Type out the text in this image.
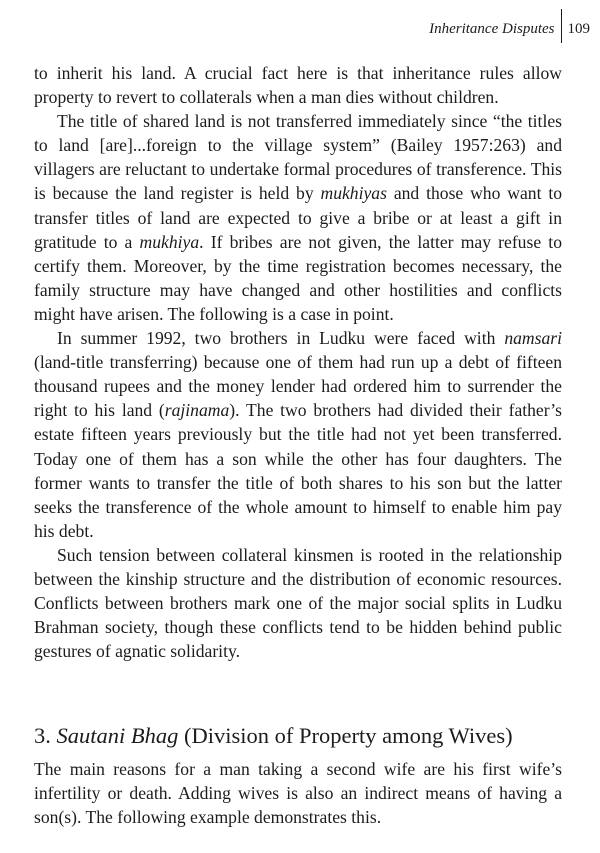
Inheritance Disputes 109

to inherit his land. A crucial fact here is that inheritance rules allow property to revert to collaterals when a man dies without children.

The title of shared land is not transferred immediately since “the titles to land [are]...foreign to the village system” (Bailey 1957:263) and villagers are reluctant to undertake formal procedures of transference. This is because the land register is held by mukhiyas and those who want to transfer titles of land are expected to give a bribe or at least a gift in gratitude to a mukhiya. If bribes are not given, the latter may refuse to certify them. Moreover, by the time registration becomes necessary, the family structure may have changed and other hostilities and conflicts might have arisen. The following is a case in point.

In summer 1992, two brothers in Ludku were faced with namsari (land-title transferring) because one of them had run up a debt of fifteen thousand rupees and the money lender had ordered him to surrender the right to his land (rajinama). The two brothers had divided their father’s estate fifteen years previously but the title had not yet been transferred. Today one of them has a son while the other has four daughters. The former wants to transfer the title of both shares to his son but the latter seeks the transference of the whole amount to himself to enable him pay his debt.

Such tension between collateral kinsmen is rooted in the relationship between the kinship structure and the distribution of economic resources. Conflicts between brothers mark one of the major social splits in Ludku Brahman society, though these conflicts tend to be hidden behind public gestures of agnatic solidarity.

3. Sautani Bhag (Division of Property among Wives)

The main reasons for a man taking a second wife are his first wife’s infertility or death. Adding wives is also an indirect means of having a son(s). The following example demonstrates this.
